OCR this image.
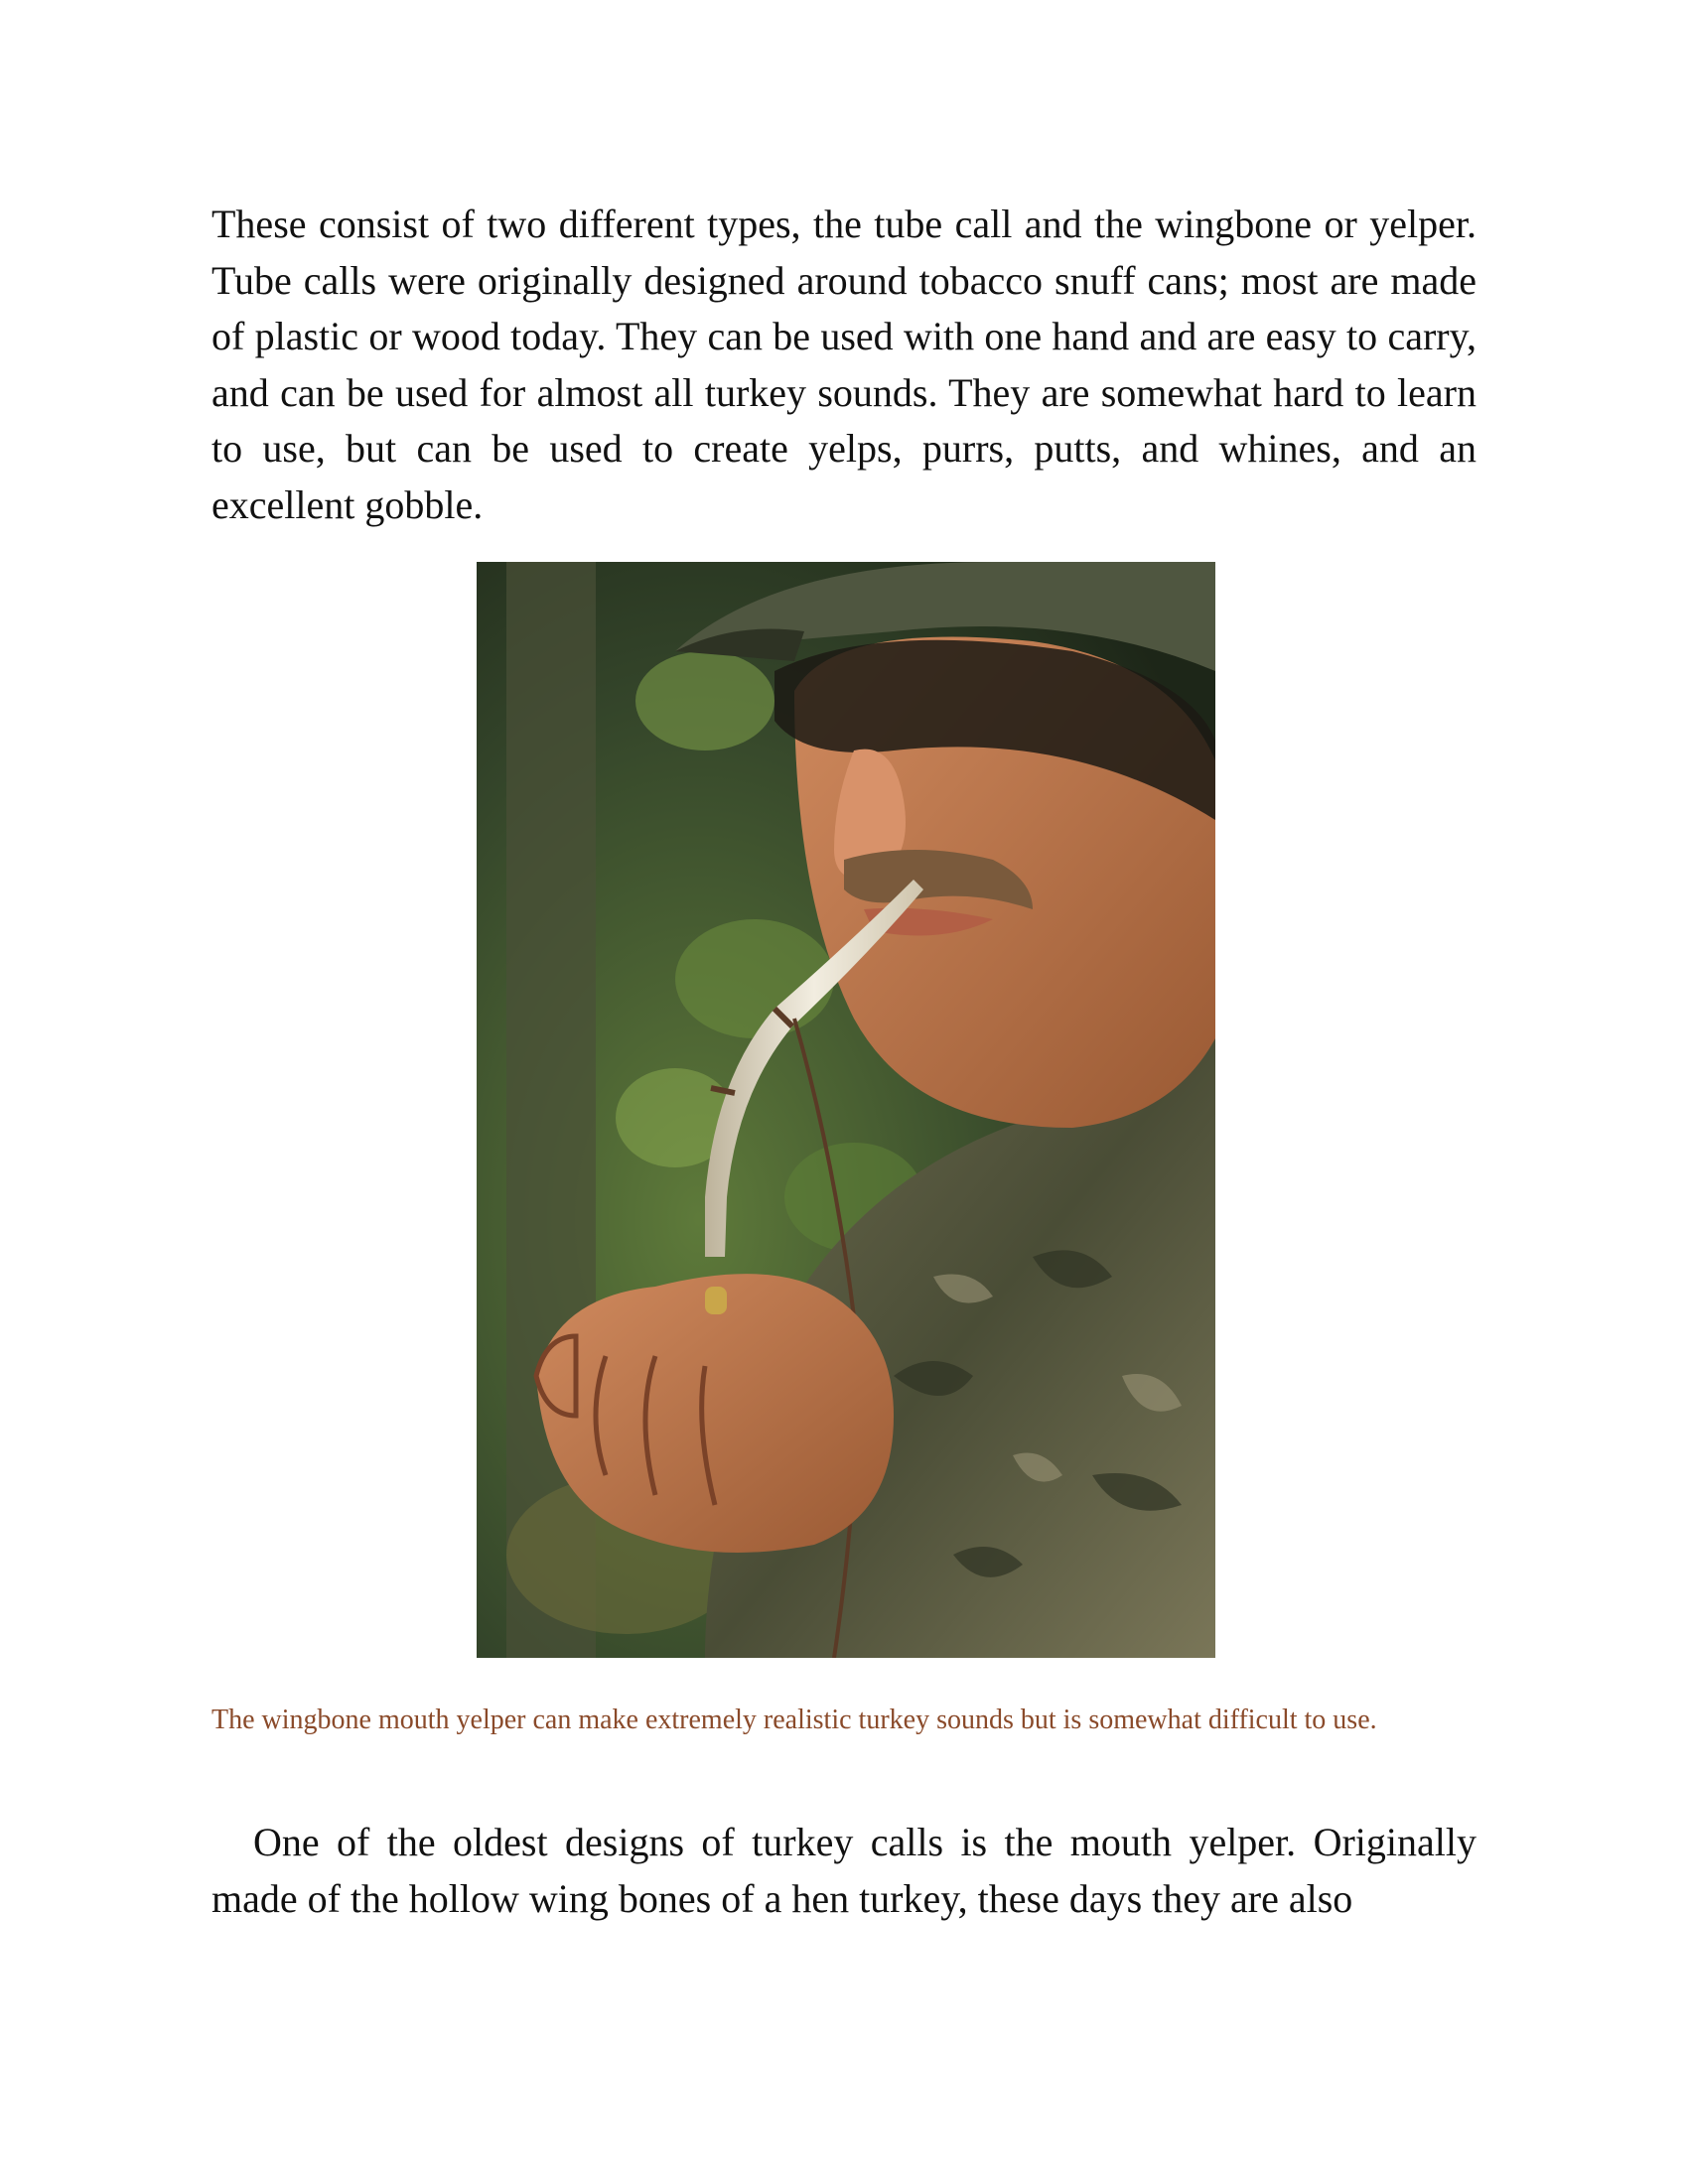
These consist of two different types, the tube call and the wingbone or yelper. Tube calls were originally designed around tobacco snuff cans; most are made of plastic or wood today. They can be used with one hand and are easy to carry, and can be used for almost all turkey sounds. They are somewhat hard to learn to use, but can be used to create yelps, purrs, putts, and whines, and an excellent gobble.

The wingbone mouth yelper can make extremely realistic turkey sounds but is somewhat difficult to use.

One of the oldest designs of turkey calls is the mouth yelper. Originally made of the hollow wing bones of a hen turkey, these days they are also
